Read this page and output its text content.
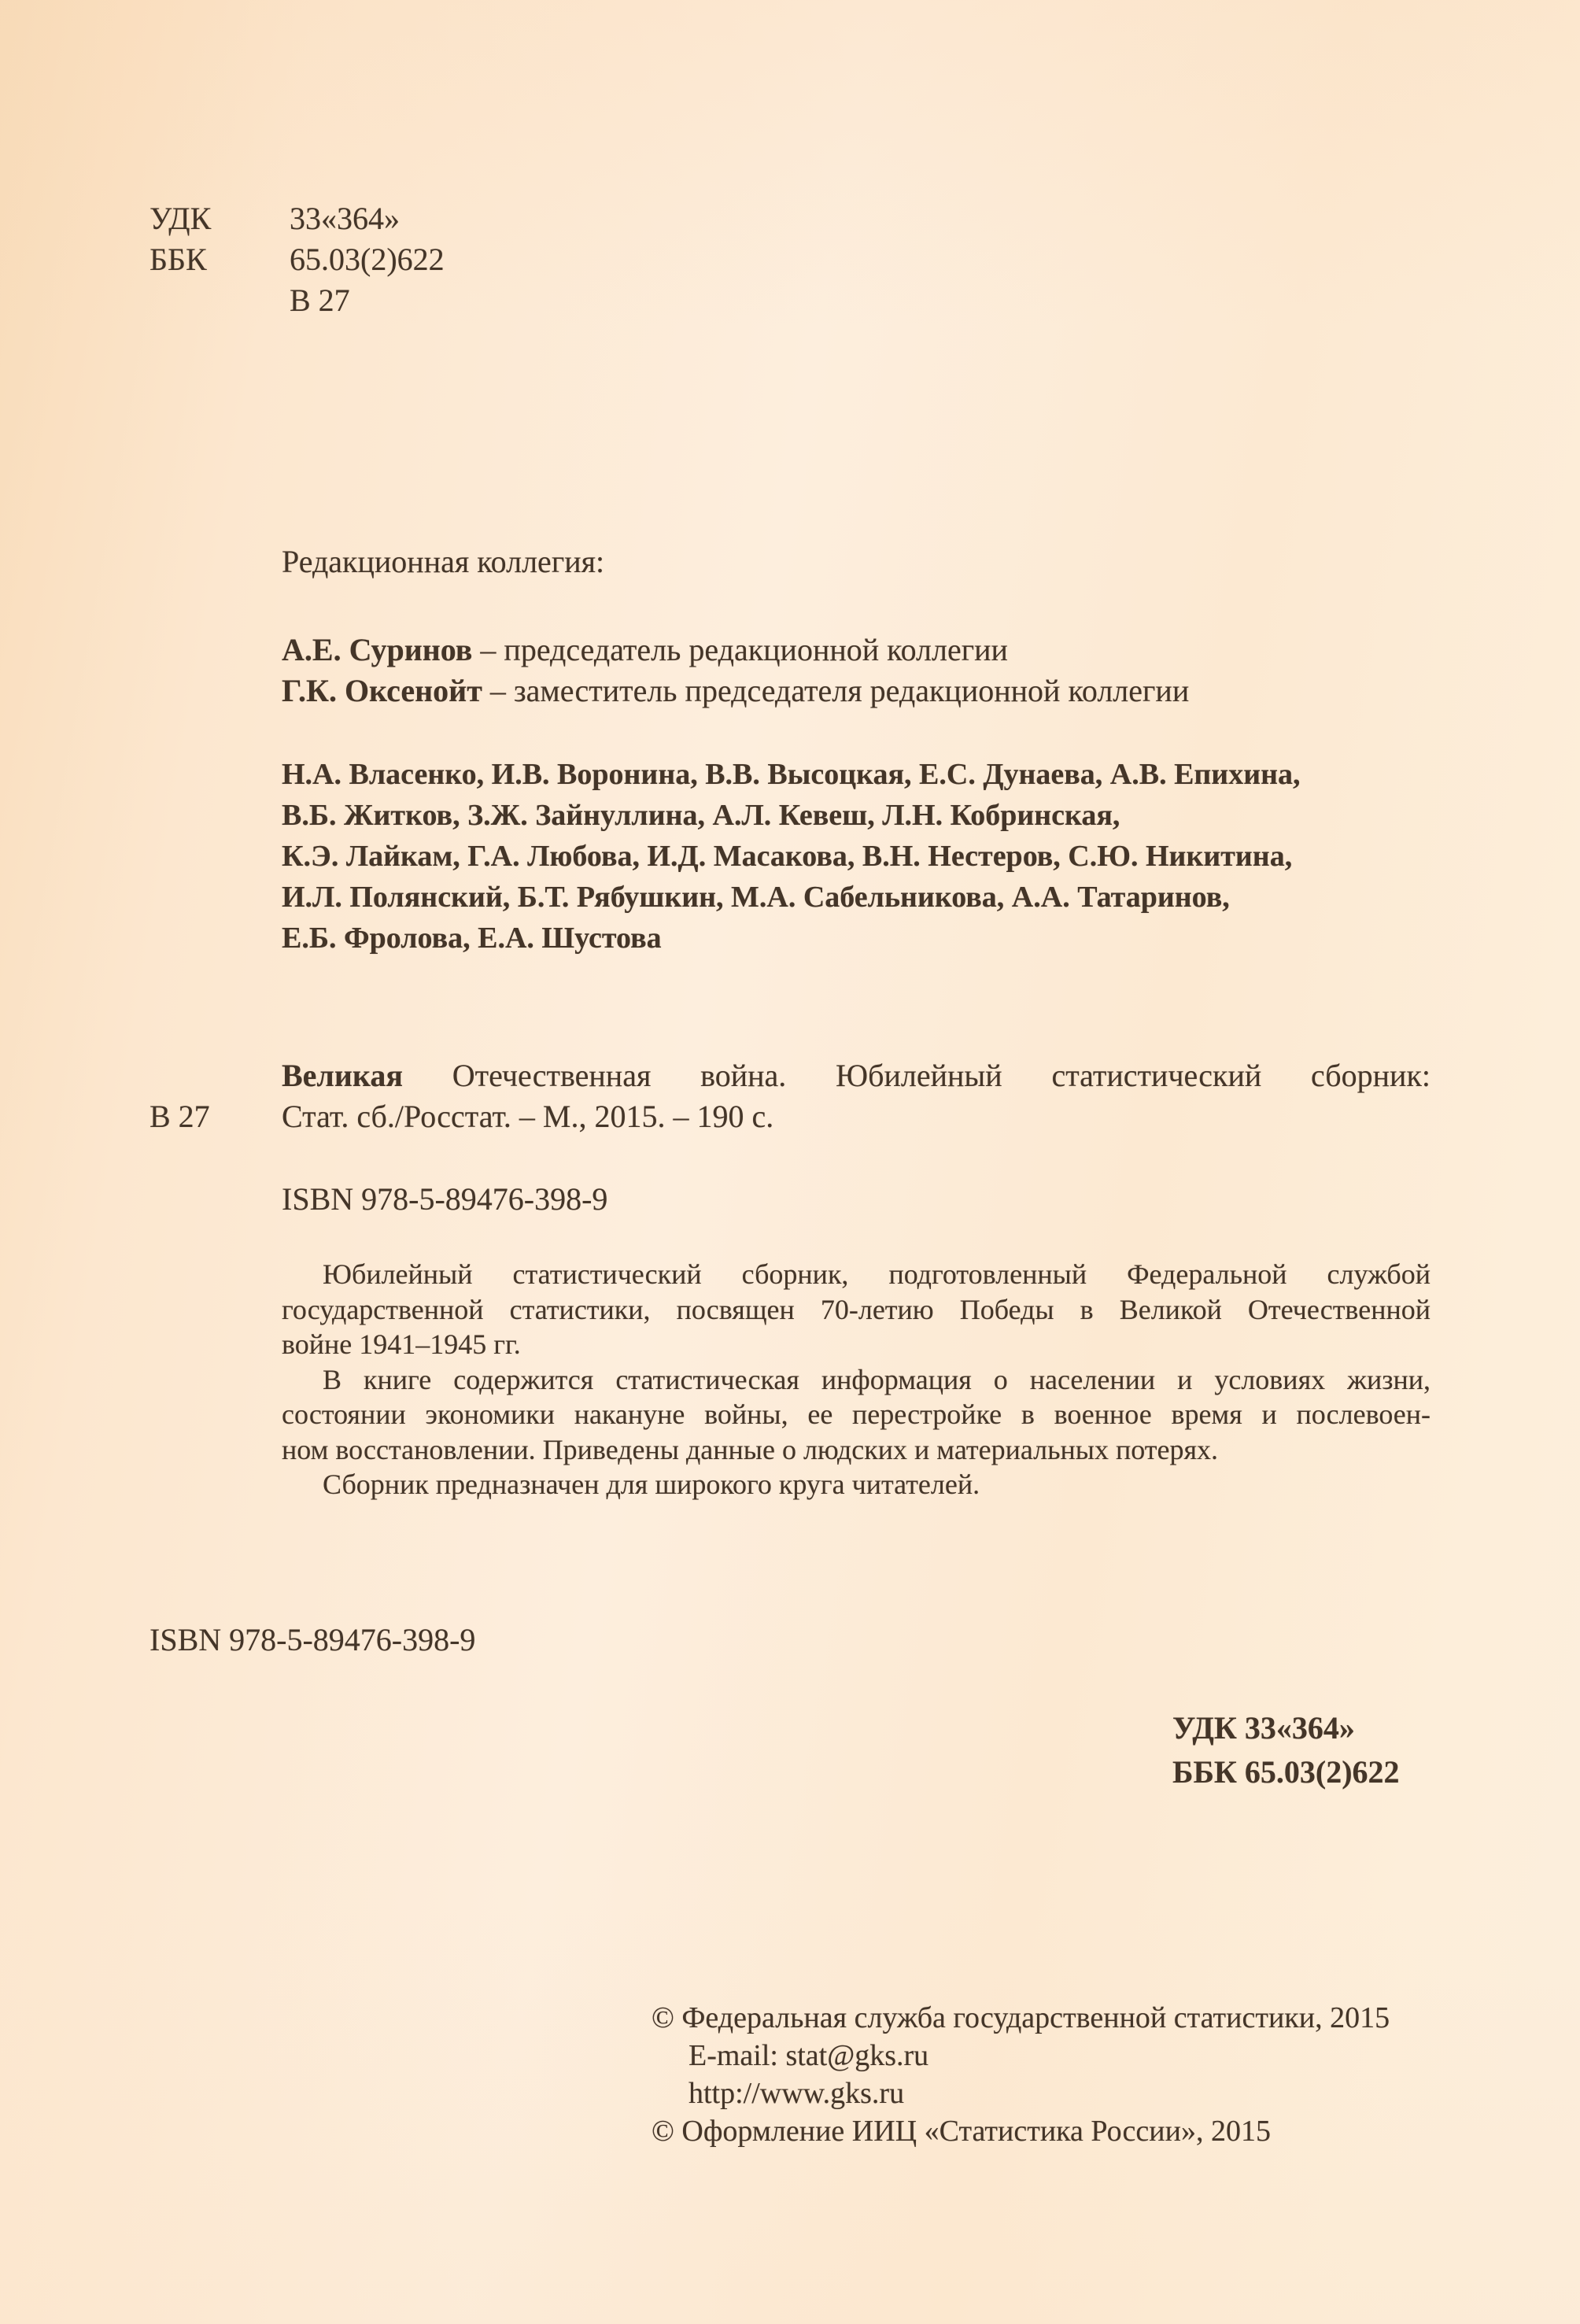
УДК	33«364»
ББК	65.03(2)622
В 27
Редакционная коллегия:
А.Е. Суринов – председатель редакционной коллегии
Г.К. Оксенойт – заместитель председателя редакционной коллегии
Н.А. Власенко, И.В. Воронина, В.В. Высоцкая, Е.С. Дунаева, А.В. Епихина,
В.Б. Житков, З.Ж. Зайнуллина, А.Л. Кевеш, Л.Н. Кобринская,
К.Э. Лайкам, Г.А. Любова, И.Д. Масакова, В.Н. Нестеров, С.Ю. Никитина,
И.Л. Полянский, Б.Т. Рябушкин, М.А. Сабельникова, А.А. Татаринов,
Е.Б. Фролова, Е.А. Шустова
Великая Отечественная война. Юбилейный статистический сборник:
В 27 Стат. сб./Росстат. – М., 2015. – 190 с.
ISBN 978-5-89476-398-9
Юбилейный статистический сборник, подготовленный Федеральной службой
государственной статистики, посвящен 70-летию Победы в Великой Отечественной
войне 1941–1945 гг.
В книге содержится статистическая информация о населении и условиях жизни,
состоянии экономики накануне войны, ее перестройке в военное время и послевоен-
ном восстановлении. Приведены данные о людских и материальных потерях.
Сборник предназначен для широкого круга читателей.
ISBN 978-5-89476-398-9
УДК 33«364»
ББК 65.03(2)622
© Федеральная служба государственной статистики, 2015
E-mail: stat@gks.ru
http://www.gks.ru
© Оформление ИИЦ «Статистика России», 2015
